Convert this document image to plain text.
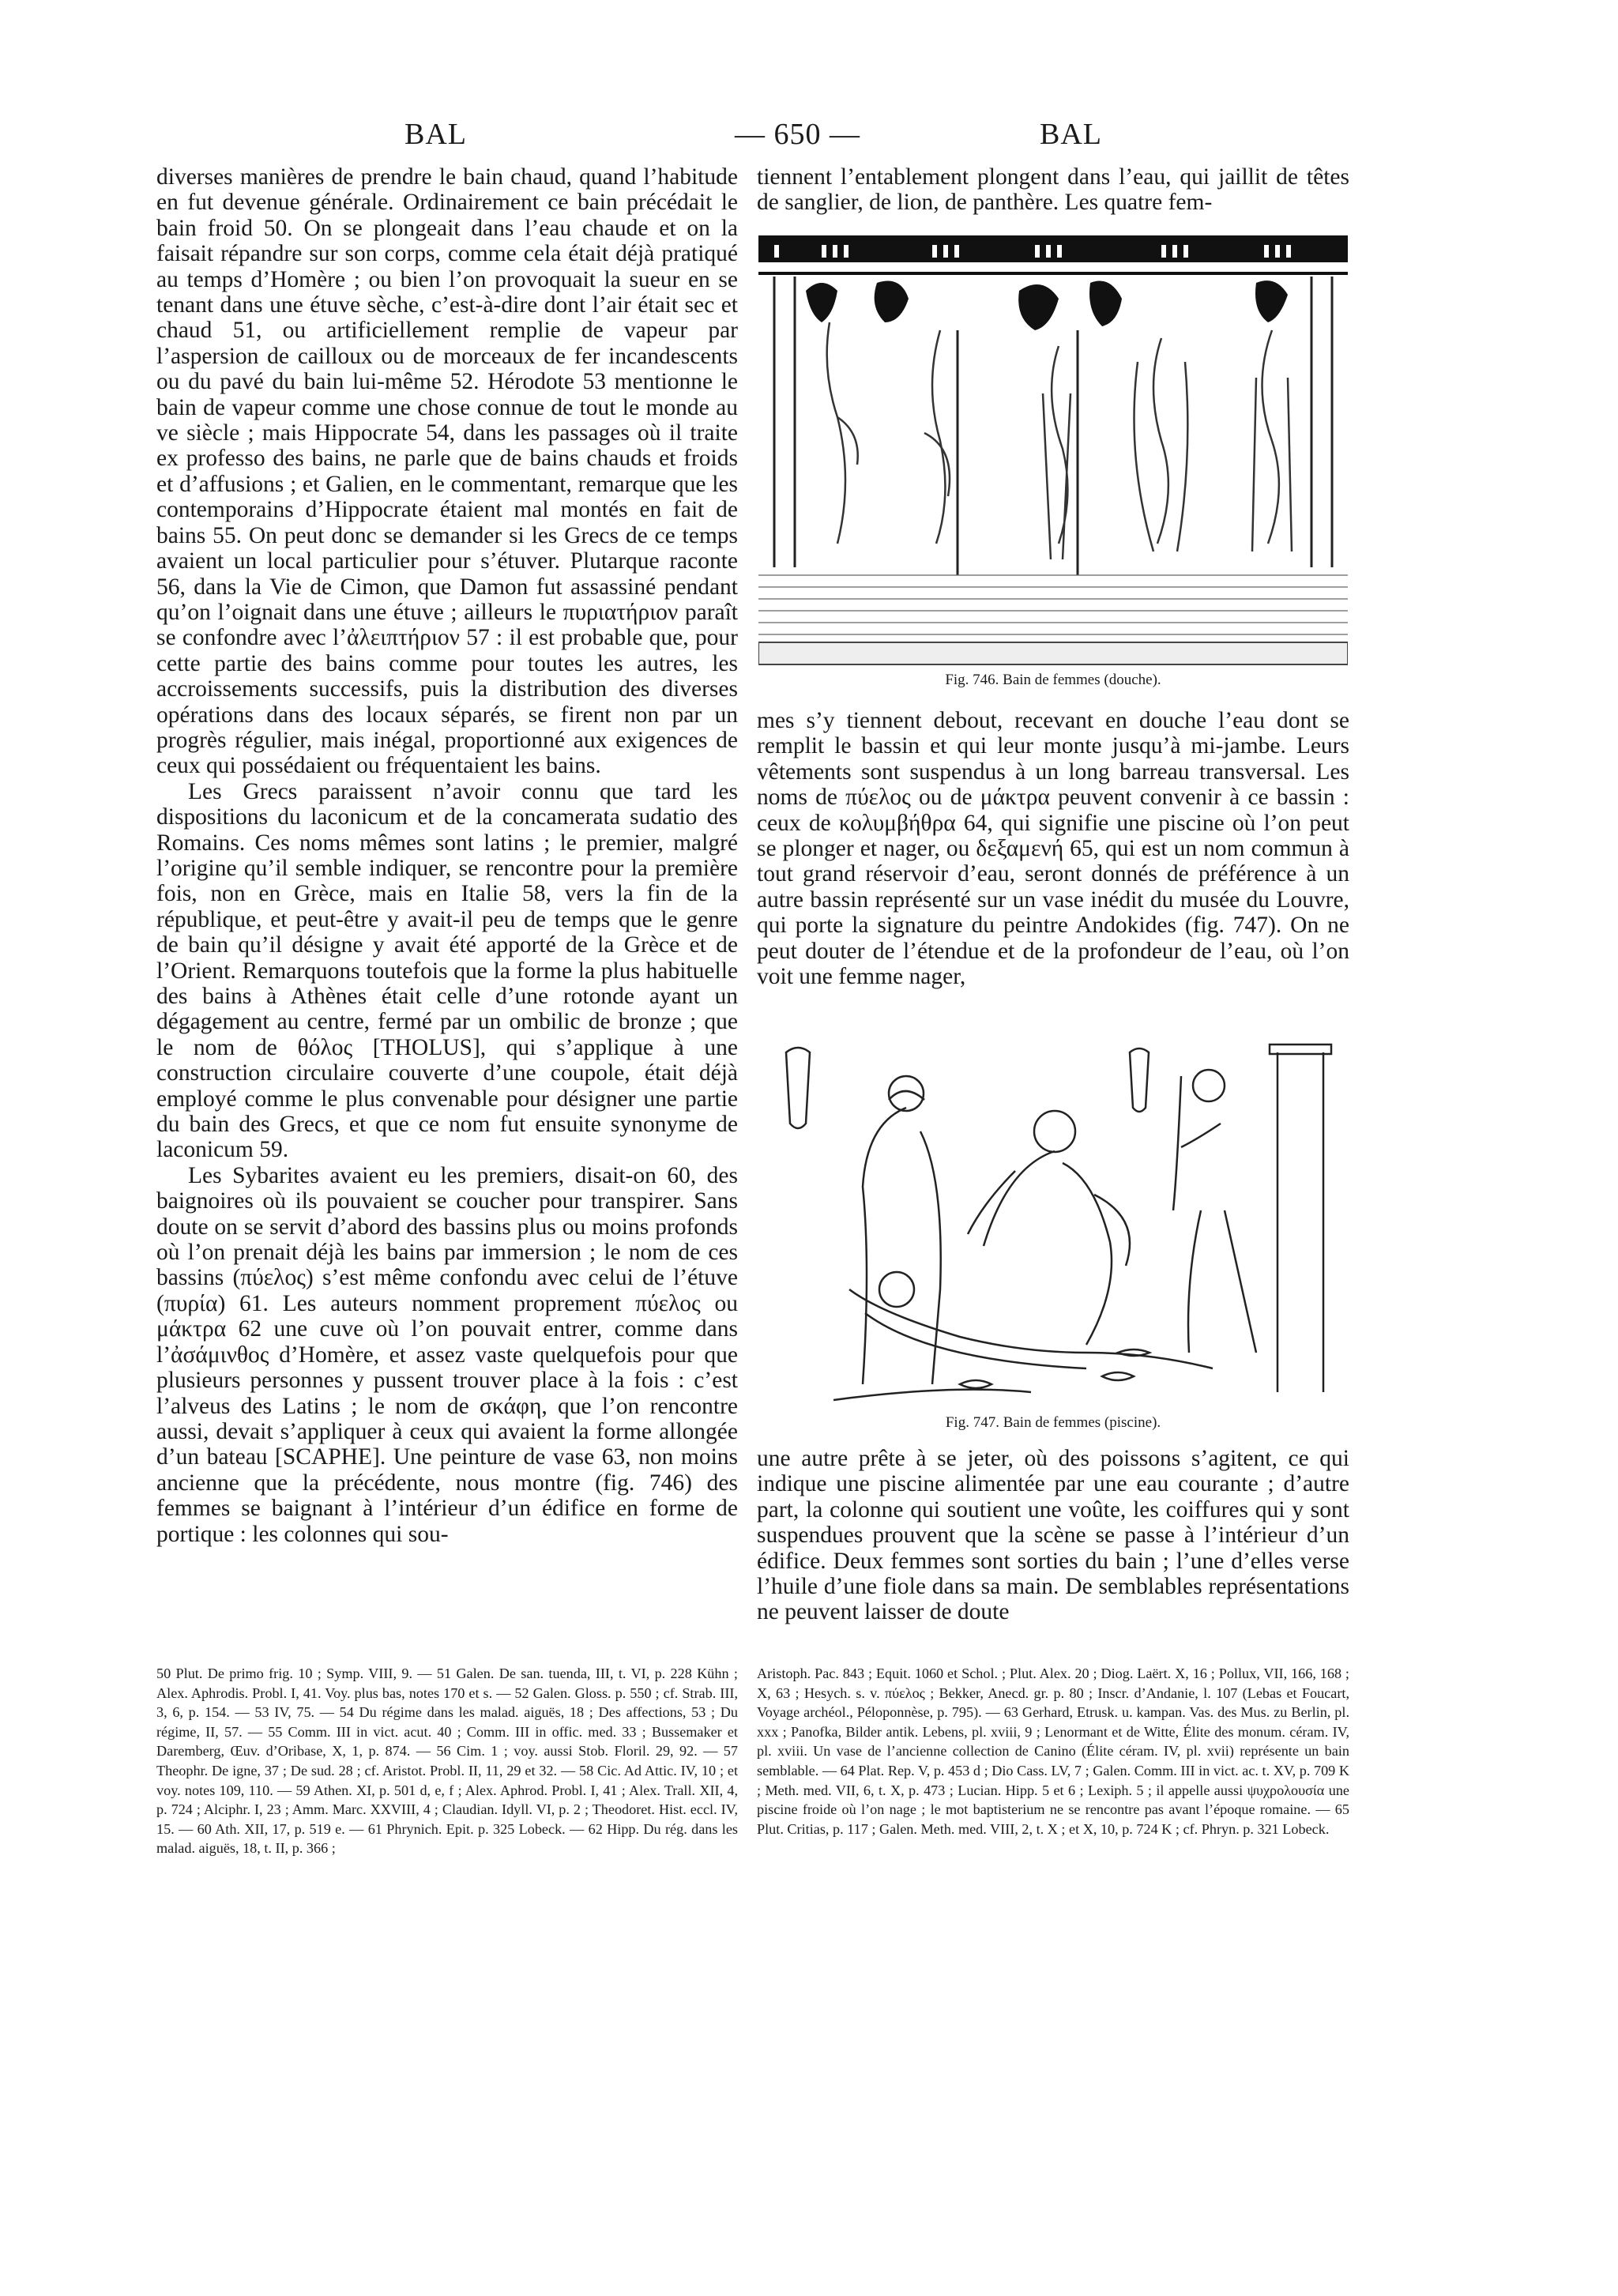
BAL	— 650 —	BAL

diverses manières de prendre le bain chaud, quand l’habitude en fut devenue générale. Ordinairement ce bain précédait le bain froid 50. On se plongeait dans l’eau chaude et on la faisait répandre sur son corps, comme cela était déjà pratiqué au temps d’Homère ; ou bien l’on provoquait la sueur en se tenant dans une étuve sèche, c’est-à-dire dont l’air était sec et chaud 51, ou artificiellement remplie de vapeur par l’aspersion de cailloux ou de morceaux de fer incandescents ou du pavé du bain lui-même 52. Hérodote 53 mentionne le bain de vapeur comme une chose connue de tout le monde au ve siècle ; mais Hippocrate 54, dans les passages où il traite ex professo des bains, ne parle que de bains chauds et froids et d’affusions ; et Galien, en le commentant, remarque que les contemporains d’Hippocrate étaient mal montés en fait de bains 55. On peut donc se demander si les Grecs de ce temps avaient un local particulier pour s’étuver. Plutarque raconte 56, dans la Vie de Cimon, que Damon fut assassiné pendant qu’on l’oignait dans une étuve ; ailleurs le πυριατήριον paraît se confondre avec l’ἀλειπτήριον 57 : il est probable que, pour cette partie des bains comme pour toutes les autres, les accroissements successifs, puis la distribution des diverses opérations dans des locaux séparés, se firent non par un progrès régulier, mais inégal, proportionné aux exigences de ceux qui possédaient ou fréquentaient les bains.

Les Grecs paraissent n’avoir connu que tard les dispositions du laconicum et de la concamerata sudatio des Romains. Ces noms mêmes sont latins ; le premier, malgré l’origine qu’il semble indiquer, se rencontre pour la première fois, non en Grèce, mais en Italie 58, vers la fin de la république, et peut-être y avait-il peu de temps que le genre de bain qu’il désigne y avait été apporté de la Grèce et de l’Orient. Remarquons toutefois que la forme la plus habituelle des bains à Athènes était celle d’une rotonde ayant un dégagement au centre, fermé par un ombilic de bronze ; que le nom de θόλος [THOLUS], qui s’applique à une construction circulaire couverte d’une coupole, était déjà employé comme le plus convenable pour désigner une partie du bain des Grecs, et que ce nom fut ensuite synonyme de laconicum 59.

Les Sybarites avaient eu les premiers, disait-on 60, des baignoires où ils pouvaient se coucher pour transpirer. Sans doute on se servit d’abord des bassins plus ou moins profonds où l’on prenait déjà les bains par immersion ; le nom de ces bassins (πύελος) s’est même confondu avec celui de l’étuve (πυρία) 61. Les auteurs nomment proprement πύελος ou μάκτρα 62 une cuve où l’on pouvait entrer, comme dans l’ἀσάμινθος d’Homère, et assez vaste quelquefois pour que plusieurs personnes y pussent trouver place à la fois : c’est l’alveus des Latins ; le nom de σκάφη, que l’on rencontre aussi, devait s’appliquer à ceux qui avaient la forme allongée d’un bateau [SCAPHE]. Une peinture de vase 63, non moins ancienne que la précédente, nous montre (fig. 746) des femmes se baignant à l’intérieur d’un édifice en forme de portique : les colonnes qui sou-

tiennent l’entablement plongent dans l’eau, qui jaillit de têtes de sanglier, de lion, de panthère. Les quatre fem-
Fig. 746. Bain de femmes (douche).
mes s’y tiennent debout, recevant en douche l’eau dont se remplit le bassin et qui leur monte jusqu’à mi-jambe. Leurs vêtements sont suspendus à un long barreau transversal. Les noms de πύελος ou de μάκτρα peuvent convenir à ce bassin : ceux de κολυμβήθρα 64, qui signifie une piscine où l’on peut se plonger et nager, ou δεξαμενή 65, qui est un nom commun à tout grand réservoir d’eau, seront donnés de préférence à un autre bassin représenté sur un vase inédit du musée du Louvre, qui porte la signature du peintre Andokides (fig. 747). On ne peut douter de l’étendue et de la profondeur de l’eau, où l’on voit une femme nager,
Fig. 747. Bain de femmes (piscine).
une autre prête à se jeter, où des poissons s’agitent, ce qui indique une piscine alimentée par une eau courante ; d’autre part, la colonne qui soutient une voûte, les coiffures qui y sont suspendues prouvent que la scène se passe à l’intérieur d’un édifice. Deux femmes sont sorties du bain ; l’une d’elles verse l’huile d’une fiole dans sa main. De semblables représentations ne peuvent laisser de doute

50 Plut. De primo frig. 10 ; Symp. VIII, 9. — 51 Galen. De san. tuenda, III, t. VI, p. 228 Kühn ; Alex. Aphrodis. Probl. I, 41. Voy. plus bas, notes 170 et s. — 52 Galen. Gloss. p. 550 ; cf. Strab. III, 3, 6, p. 154. — 53 IV, 75. — 54 Du régime dans les malad. aiguës, 18 ; Des affections, 53 ; Du régime, II, 57. — 55 Comm. III in vict. acut. 40 ; Comm. III in offic. med. 33 ; Bussemaker et Daremberg, Œuv. d’Oribase, X, 1, p. 874. — 56 Cim. 1 ; voy. aussi Stob. Floril. 29, 92. — 57 Theophr. De igne, 37 ; De sud. 28 ; cf. Aristot. Probl. II, 11, 29 et 32. — 58 Cic. Ad Attic. IV, 10 ; et voy. notes 109, 110. — 59 Athen. XI, p. 501 d, e, f ; Alex. Aphrod. Probl. I, 41 ; Alex. Trall. XII, 4, p. 724 ; Alciphr. I, 23 ; Amm. Marc. XXVIII, 4 ; Claudian. Idyll. VI, p. 2 ; Theodoret. Hist. eccl. IV, 15. — 60 Ath. XII, 17, p. 519 e. — 61 Phrynich. Epit. p. 325 Lobeck. — 62 Hipp. Du rég. dans les malad. aiguës, 18, t. II, p. 366 ;

Aristoph. Pac. 843 ; Equit. 1060 et Schol. ; Plut. Alex. 20 ; Diog. Laërt. X, 16 ; Pollux, VII, 166, 168 ; X, 63 ; Hesych. s. v. πύελος ; Bekker, Anecd. gr. p. 80 ; Inscr. d’Andanie, l. 107 (Lebas et Foucart, Voyage archéol., Péloponnèse, p. 795). — 63 Gerhard, Etrusk. u. kampan. Vas. des Mus. zu Berlin, pl. xxx ; Panofka, Bilder antik. Lebens, pl. xviii, 9 ; Lenormant et de Witte, Élite des monum. céram. IV, pl. xviii. Un vase de l’ancienne collection de Canino (Élite céram. IV, pl. xvii) représente un bain semblable. — 64 Plat. Rep. V, p. 453 d ; Dio Cass. LV, 7 ; Galen. Comm. III in vict. ac. t. XV, p. 709 K ; Meth. med. VII, 6, t. X, p. 473 ; Lucian. Hipp. 5 et 6 ; Lexiph. 5 ; il appelle aussi ψυχρολουσία une piscine froide où l’on nage ; le mot baptisterium ne se rencontre pas avant l’époque romaine. — 65 Plut. Critias, p. 117 ; Galen. Meth. med. VIII, 2, t. X ; et X, 10, p. 724 K ; cf. Phryn. p. 321 Lobeck.
